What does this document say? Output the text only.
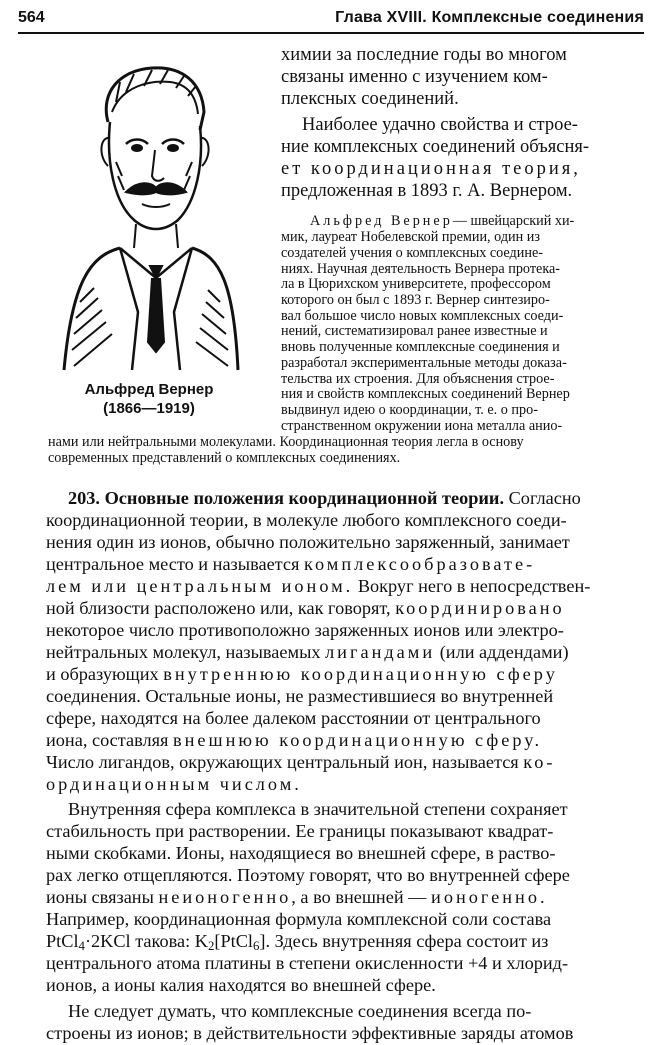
564	Глава XVIII. Комплексные соединения
Альфред Вернер
(1866—1919)
химии за последние годы во многом
связаны именно с изучением ком-
плексных соединений.
Наиболее удачно свойства и строе-
ние комплексных соединений объясня-
ет координационная теория,
предложенная в 1893 г. А. Вернером.
Альфред Вернер— швейцарский хи-
мик, лауреат Нобелевской премии, один из
создателей учения о комплексных соедине-
ниях. Научная деятельность Вернера протека-
ла в Цюрихском университете, профессором
которого он был с 1893 г. Вернер синтезиро-
вал большое число новых комплексных соеди-
нений, систематизировал ранее известные и
вновь полученные комплексные соединения и
разработал экспериментальные методы доказа-
тельства их строения. Для объяснения строе-
ния и свойств комплексных соединений Вернер
выдвинул идею о координации, т. е. о про-
странственном окружении иона металла анио-
нами или нейтральными молекулами. Координационная теория легла в основу
современных представлений о комплексных соединениях.
203. Основные положения координационной теории. Согласно
координационной теории, в молекуле любого комплексного соеди-
нения один из ионов, обычно положительно заряженный, занимает
центральное место и называется комплексообразовате-
лем или центральным ионом. Вокруг него в непосредствен-
ной близости расположено или, как говорят, координировано
некоторое число противоположно заряженных ионов или электро-
нейтральных молекул, называемых лигандами (или аддендами)
и образующих внутреннюю координационную сферу
соединения. Остальные ионы, не разместившиеся во внутренней
сфере, находятся на более далеком расстоянии от центрального
иона, составляя внешнюю координационную сферу.
Число лигандов, окружающих центральный ион, называется ко-
ординационным числом.
Внутренняя сфера комплекса в значительной степени сохраняет
стабильность при растворении. Ее границы показывают квадрат-
ными скобками. Ионы, находящиеся во внешней сфере, в раство-
рах легко отщепляются. Поэтому говорят, что во внутренней сфере
ионы связаны неионогенно, а во внешней — ионогенно.
Например, координационная формула комплексной соли состава
PtCl$_4$·2KCl такова: $K_2[PtCl_6]$. Здесь внутренняя сфера состоит из
центрального атома платины в степени окисленности +4 и хлорид-
ионов, а ионы калия находятся во внешней сфере.
Не следует думать, что комплексные соединения всегда по-
строены из ионов; в действительности эффективные заряды атомов
